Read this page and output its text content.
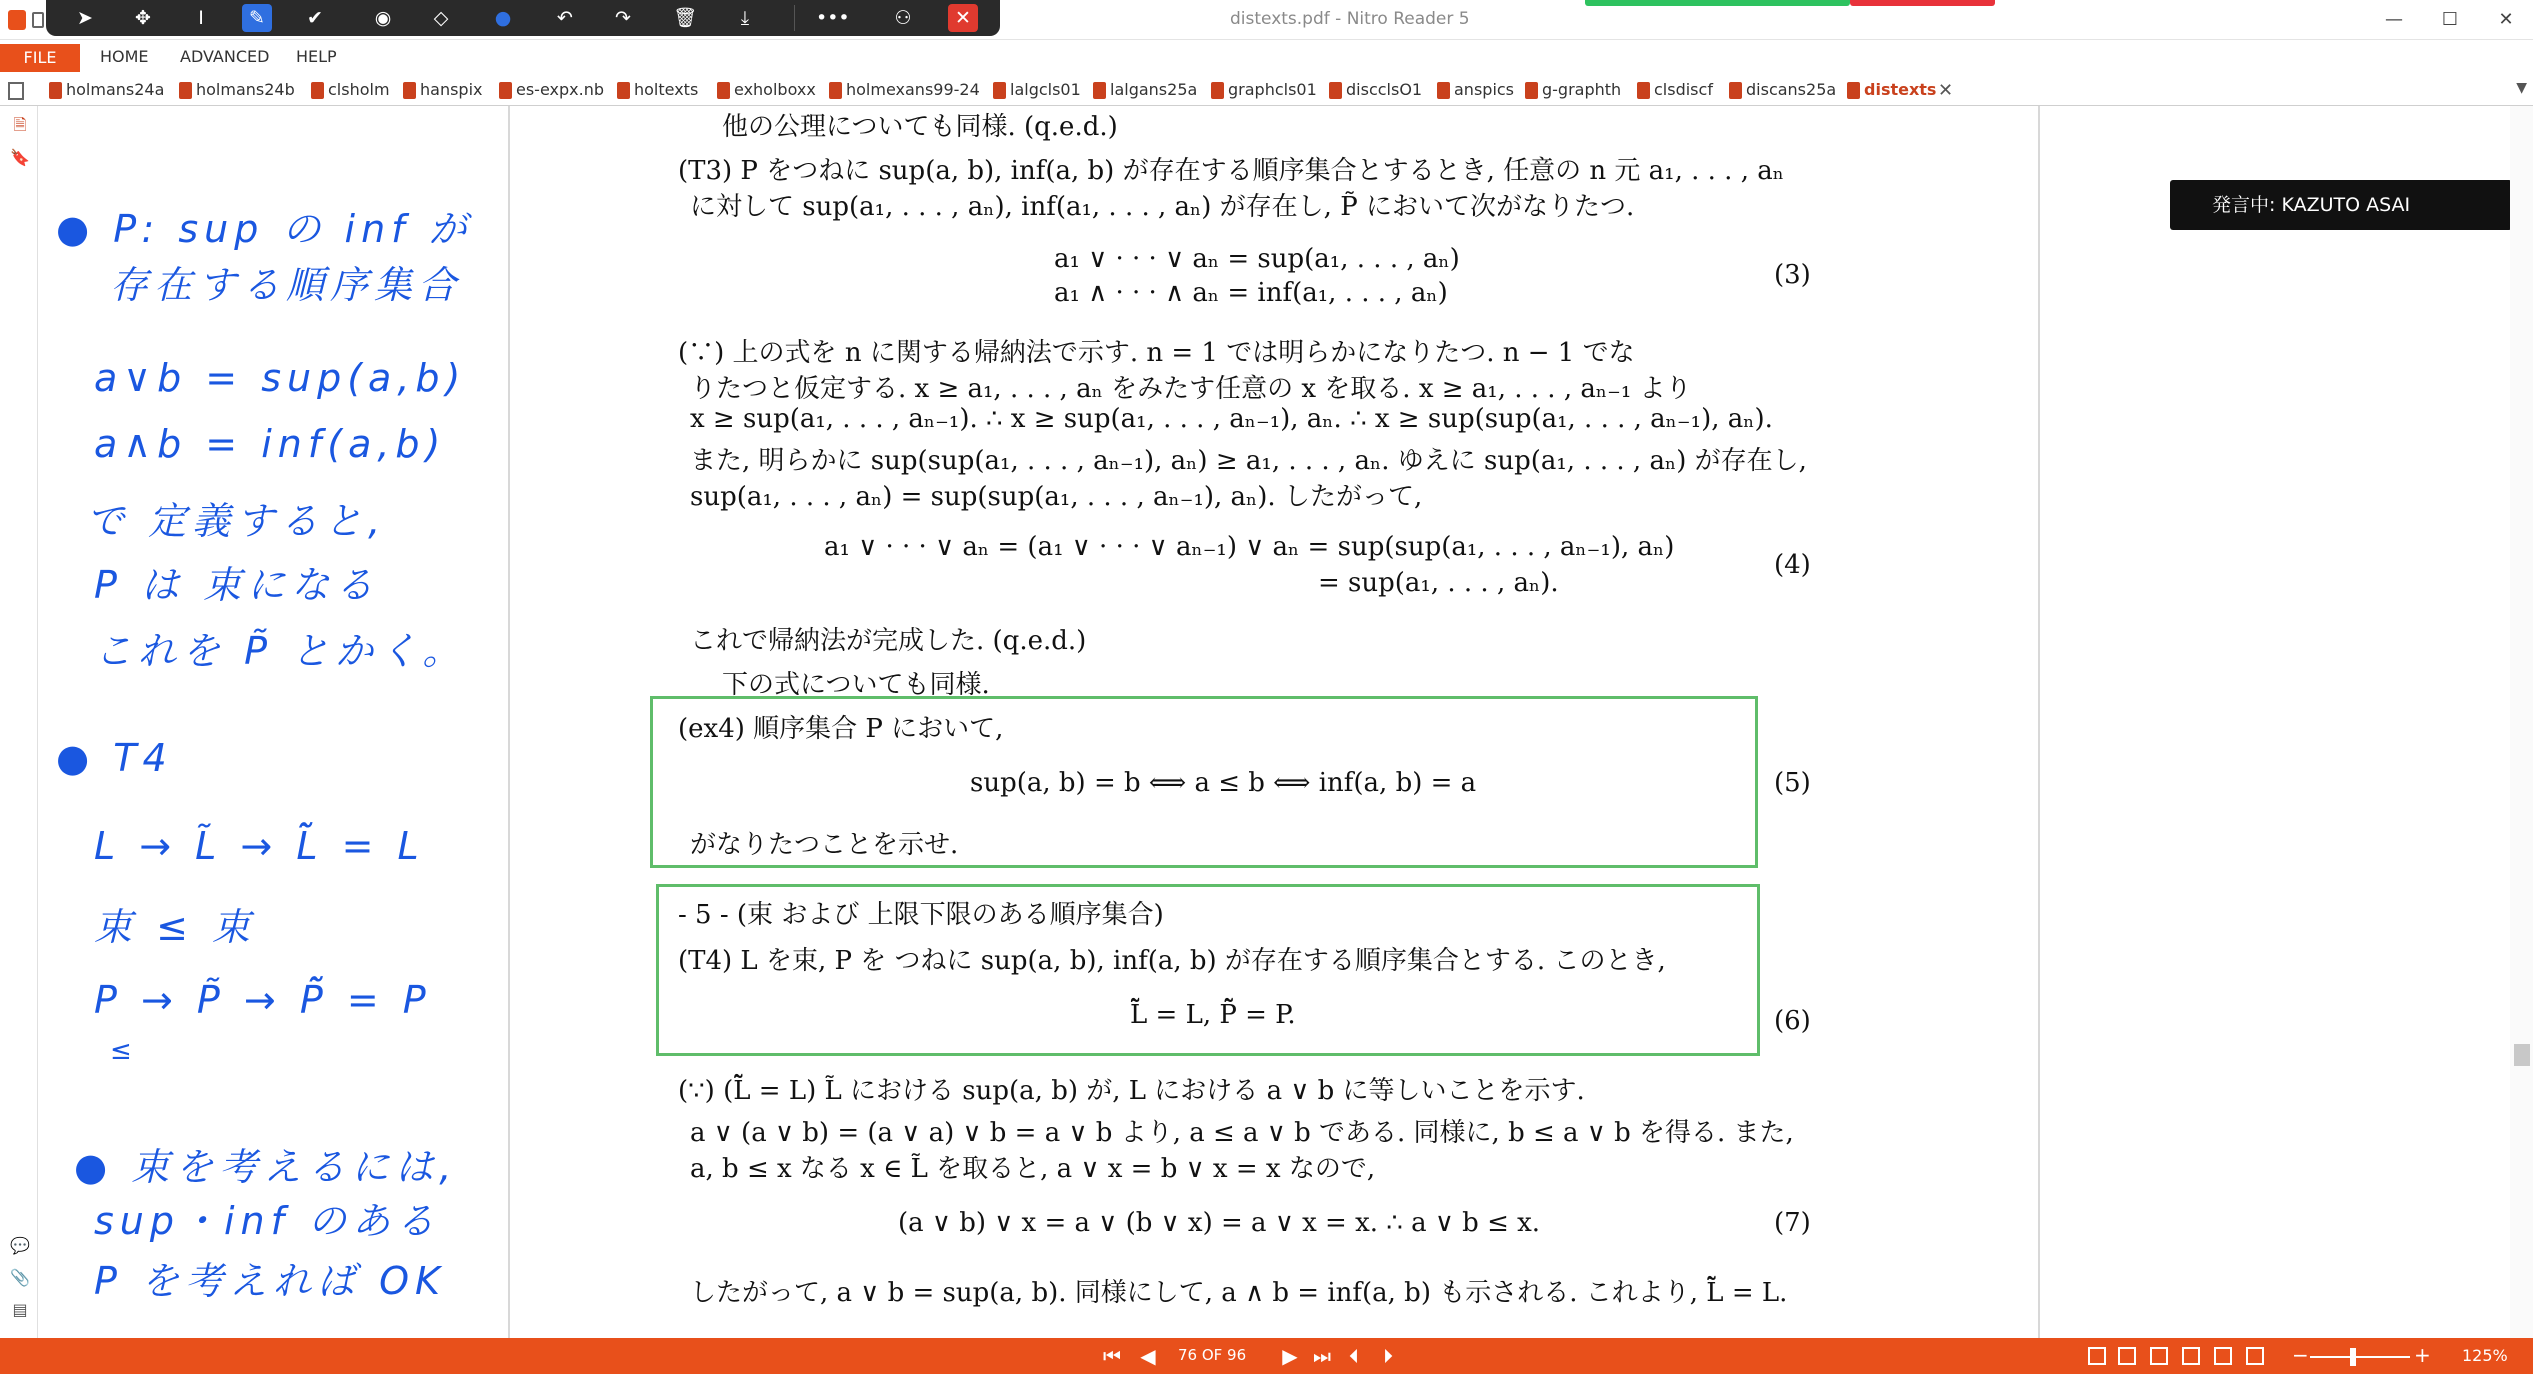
distexts.pdf - Nitro Reader 5	—	☐	✕
➤	✥	I	✎	✔	◉	◇	●	↶	↷	🗑	⤓	•••	⚇	✕
FILE	HOME ADVANCED HELP
holmans24a	holmans24b	clsholm	hanspix	es-expx.nb	holtexts	exholboxx	holmexans99-24	lalgcls01	lalgans25a	graphcls01	discclsO1	anspics	g-graphth	clsdiscf	discans25a	distexts ✕	▼
🗎
🔖
💬
📎
▤
● P: sup の inf が
存在する順序集合
a∨b = sup(a,b)
a∧b = inf(a,b)
で 定義すると,
P は 束になる
これを P̃ とかく。
● T4
L → L̃ → L̃̃ = L
束 ≤ 束
P → P̃ → P̃̃ = P
≤
● 束を考えるには,
sup・inf のある
P を考えれば OK
他の公理についても同様. (q.e.d.)
(T3) P をつねに sup(a, b), inf(a, b) が存在する順序集合とするとき, 任意の n 元 a₁, . . . , aₙ
に対して sup(a₁, . . . , aₙ), inf(a₁, . . . , aₙ) が存在し, P̃ において次がなりたつ.
a₁ ∨ · · · ∨ aₙ = sup(a₁, . . . , aₙ)
a₁ ∧ · · · ∧ aₙ = inf(a₁, . . . , aₙ)
(3)
(∵) 上の式を n に関する帰納法で示す. n = 1 では明らかになりたつ. n − 1 でな
りたつと仮定する. x ≥ a₁, . . . , aₙ をみたす任意の x を取る. x ≥ a₁, . . . , aₙ₋₁ より
x ≥ sup(a₁, . . . , aₙ₋₁). ∴ x ≥ sup(a₁, . . . , aₙ₋₁), aₙ. ∴ x ≥ sup(sup(a₁, . . . , aₙ₋₁), aₙ).
また, 明らかに sup(sup(a₁, . . . , aₙ₋₁), aₙ) ≥ a₁, . . . , aₙ. ゆえに sup(a₁, . . . , aₙ) が存在し,
sup(a₁, . . . , aₙ) = sup(sup(a₁, . . . , aₙ₋₁), aₙ). したがって,
a₁ ∨ · · · ∨ aₙ = (a₁ ∨ · · · ∨ aₙ₋₁) ∨ aₙ = sup(sup(a₁, . . . , aₙ₋₁), aₙ)
= sup(a₁, . . . , aₙ).
(4)
これで帰納法が完成した. (q.e.d.)
下の式についても同様.
(ex4) 順序集合 P において,
sup(a, b) = b ⟺ a ≤ b ⟺ inf(a, b) = a
がなりたつことを示せ.
(5)
- 5 - (束 および 上限下限のある順序集合)
(T4) L を束, P を つねに sup(a, b), inf(a, b) が存在する順序集合とする. このとき,
L̃̃ = L, P̃̃ = P.	(6)
(∵) (L̃̃ = L) L̃ における sup(a, b) が, L における a ∨ b に等しいことを示す.
a ∨ (a ∨ b) = (a ∨ a) ∨ b = a ∨ b より, a ≤ a ∨ b である. 同様に, b ≤ a ∨ b を得る. また,
a, b ≤ x なる x ∈ L̃ を取ると, a ∨ x = b ∨ x = x なので,
(a ∨ b) ∨ x = a ∨ (b ∨ x) = a ∨ x = x. ∴ a ∨ b ≤ x.	(7)
したがって, a ∨ b = sup(a, b). 同様にして, a ∧ b = inf(a, b) も示される. これより, L̃̃ = L.
発言中: KAZUTO ASAI
⏮ ◀	76 OF 96	▶ ⏭ ⏴	⏵	−	+ 125%
